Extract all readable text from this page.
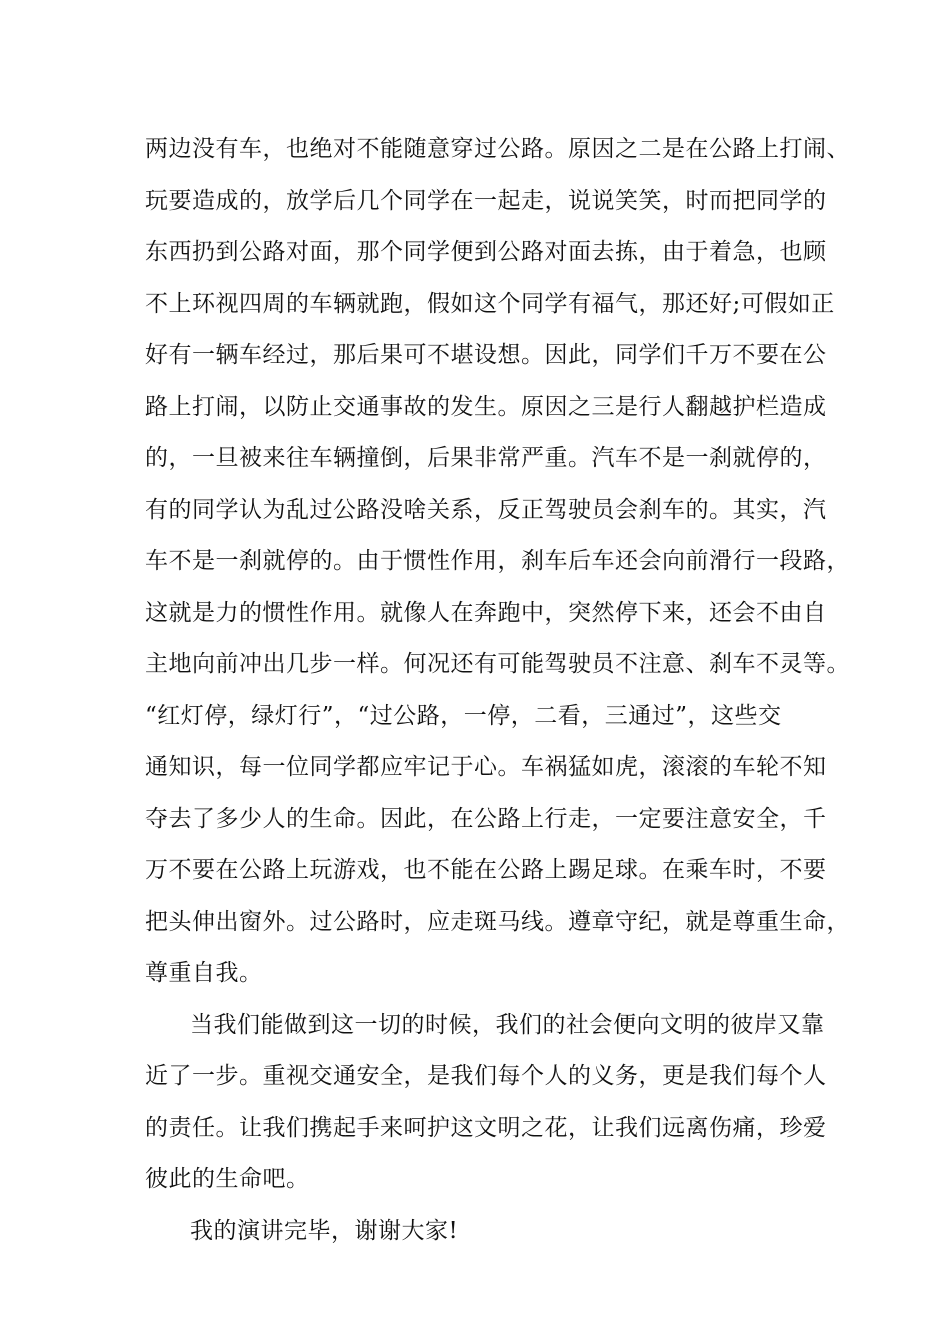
两边没有车，也绝对不能随意穿过公路。原因之二是在公路上打闹、
玩要造成的，放学后几个同学在一起走，说说笑笑，时而把同学的
东西扔到公路对面，那个同学便到公路对面去拣，由于着急，也顾
不上环视四周的车辆就跑，假如这个同学有福气，那还好;可假如正
好有一辆车经过，那后果可不堪设想。因此，同学们千万不要在公
路上打闹，以防止交通事故的发生。原因之三是行人翻越护栏造成
的，一旦被来往车辆撞倒，后果非常严重。汽车不是一刹就停的，
有的同学认为乱过公路没啥关系，反正驾驶员会刹车的。其实，汽
车不是一刹就停的。由于惯性作用，刹车后车还会向前滑行一段路，
这就是力的惯性作用。就像人在奔跑中，突然停下来，还会不由自
主地向前冲出几步一样。何况还有可能驾驶员不注意、刹车不灵等。
“红灯停，绿灯行”，“过公路，一停，二看，三通过”，这些交
通知识，每一位同学都应牢记于心。车祸猛如虎，滚滚的车轮不知
夺去了多少人的生命。因此，在公路上行走，一定要注意安全，千
万不要在公路上玩游戏，也不能在公路上踢足球。在乘车时，不要
把头伸出窗外。过公路时，应走斑马线。遵章守纪，就是尊重生命，
尊重自我。
当我们能做到这一切的时候，我们的社会便向文明的彼岸又靠
近了一步。重视交通安全，是我们每个人的义务，更是我们每个人
的责任。让我们携起手来呵护这文明之花，让我们远离伤痛，珍爱
彼此的生命吧。
我的演讲完毕，谢谢大家!
